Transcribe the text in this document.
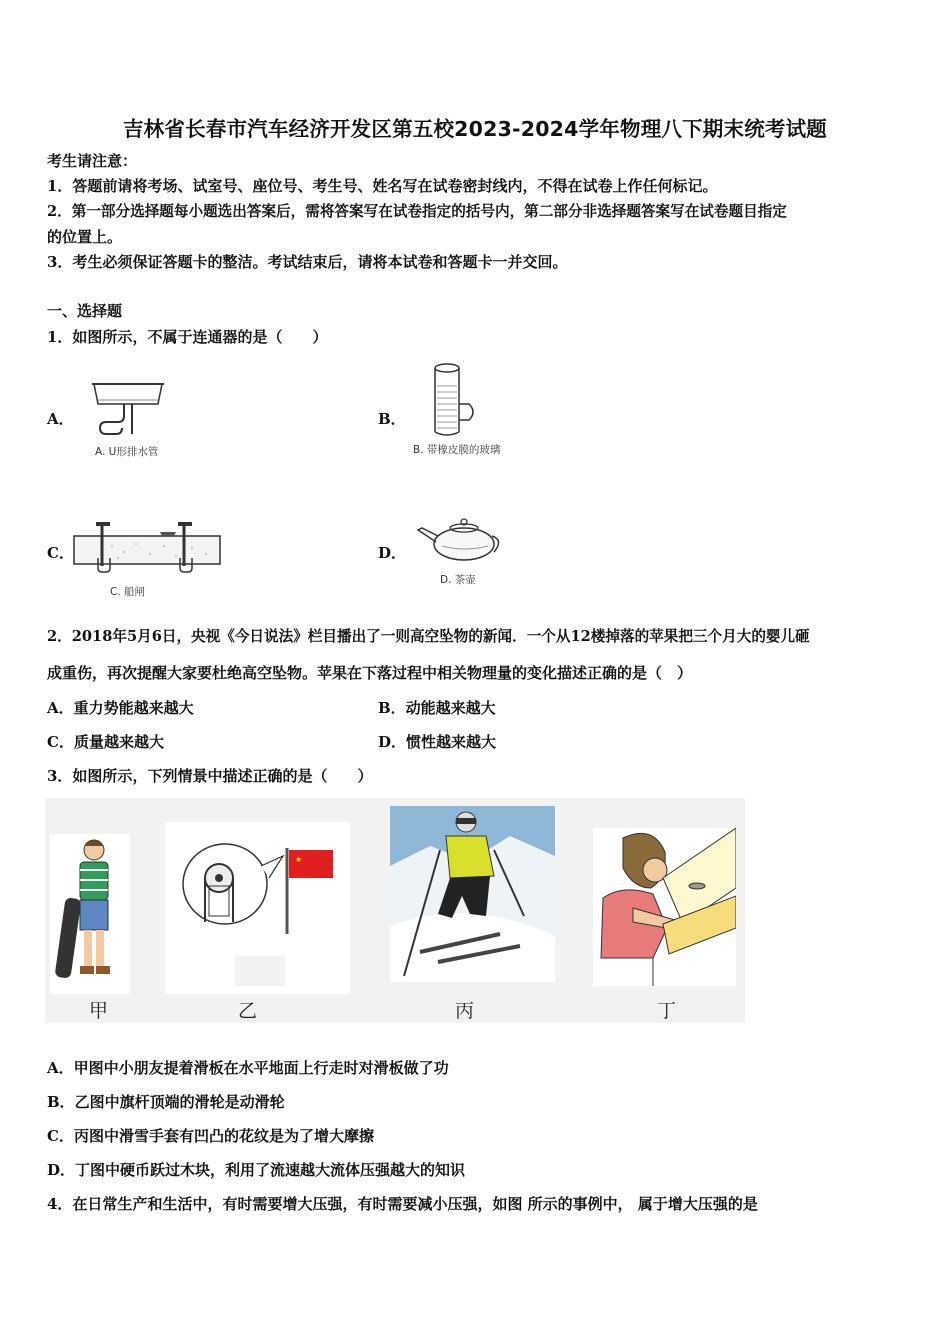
吉林省长春市汽车经济开发区第五校2023-2024学年物理八下期末统考试题
考生请注意：
1．答题前请将考场、试室号、座位号、考生号、姓名写在试卷密封线内，不得在试卷上作任何标记。
2．第一部分选择题每小题选出答案后，需将答案写在试卷指定的括号内，第二部分非选择题答案写在试卷题目指定
的位置上。
3．考生必须保证答题卡的整洁。考试结束后，请将本试卷和答题卡一并交回。
一、选择题
1．如图所示，不属于连通器的是（　　）
A．
A. U形排水管
B．
B. 带橡皮膜的玻璃
C．
C. 船闸
D．
D. 茶壶
2．2018年5月6日，央视《今日说法》栏目播出了一则高空坠物的新闻．一个从12楼掉落的苹果把三个月大的婴儿砸
成重伤，再次提醒大家要杜绝高空坠物。苹果在下落过程中相关物理量的变化描述正确的是（　）
A．重力势能越来越大	B．动能越来越大
C．质量越来越大	D．惯性越来越大
3．如图所示，下列情景中描述正确的是（　　）
甲
★
乙	丙	丁
A．甲图中小朋友提着滑板在水平地面上行走时对滑板做了功
B．乙图中旗杆顶端的滑轮是动滑轮
C．丙图中滑雪手套有凹凸的花纹是为了增大摩擦
D．丁图中硬币跃过木块，利用了流速越大流体压强越大的知识
4．在日常生产和生活中，有时需要增大压强，有时需要减小压强，如图 所示的事例中， 属于增大压强的是
